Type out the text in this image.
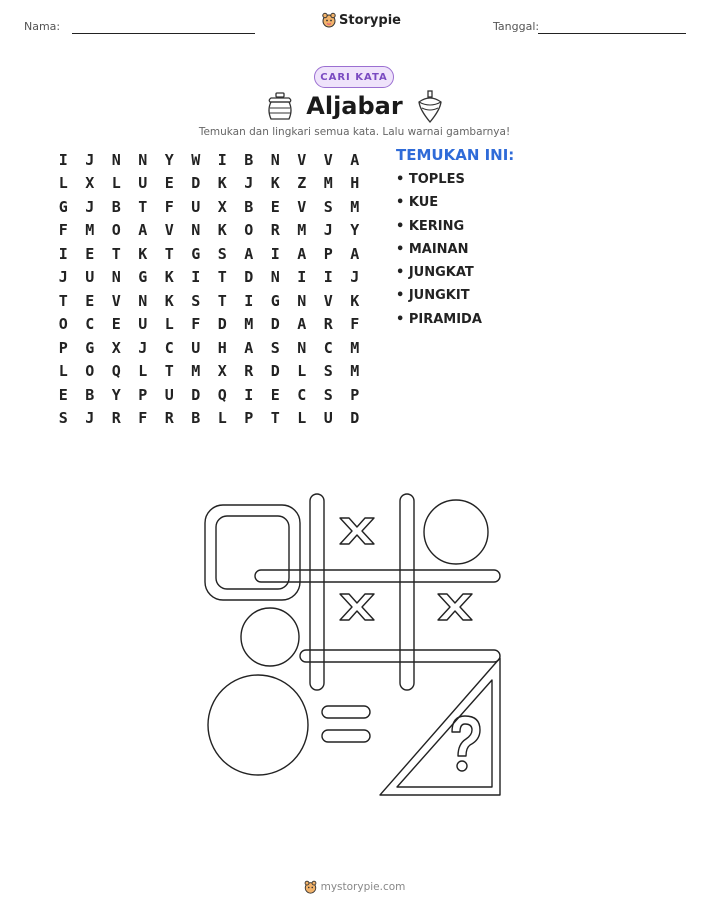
Nama:	Storypie	Tanggal:
CARI KATA
Aljabar
Temukan dan lingkari semua kata. Lalu warnai gambarnya!
I	J	N	N	Y	W	I	B	N	V	V	A
L	X	L	U	E	D	K	J	K	Z	M	H
G	J	B	T	F	U	X	B	E	V	S	M
F	M	O	A	V	N	K	O	R	M	J	Y
I	E	T	K	T	G	S	A	I	A	P	A
J	U	N	G	K	I	T	D	N	I	I	J
T	E	V	N	K	S	T	I	G	N	V	K
O	C	E	U	L	F	D	M	D	A	R	F
P	G	X	J	C	U	H	A	S	N	C	M
L	O	Q	L	T	M	X	R	D	L	S	M
E	B	Y	P	U	D	Q	I	E	C	S	P
S	J	R	F	R	B	L	P	T	L	U	D
TEMUKAN INI:
• TOPLES
• KUE
• KERING
• MAINAN
• JUNGKAT
• JUNGKIT
• PIRAMIDA
mystorypie.com
